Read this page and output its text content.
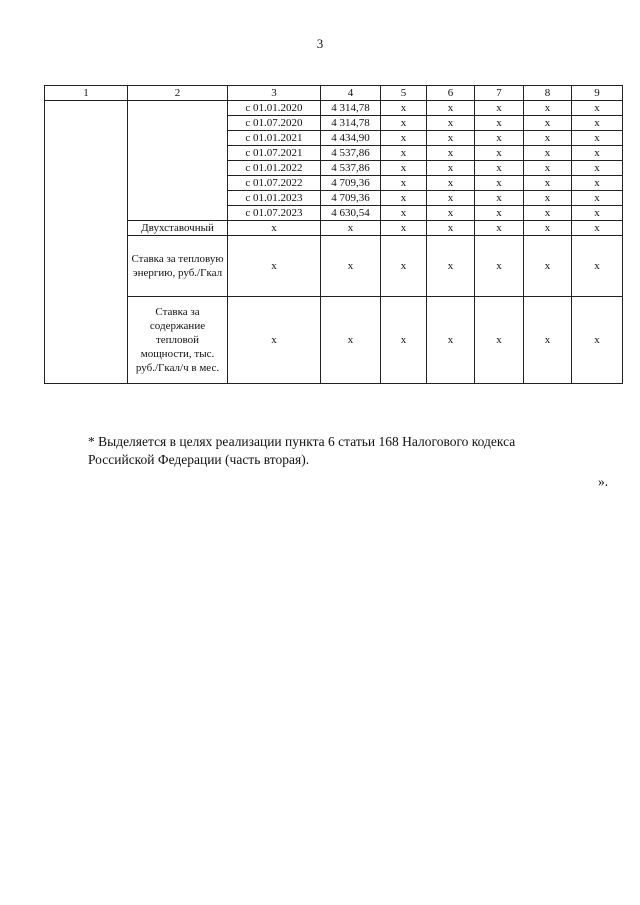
3
1	2	3	4	5	6	7	8	9
		с 01.01.2020	4 314,78	х	х	х	х	х
		с 01.07.2020	4 314,78	х	х	х	х	х
		с 01.01.2021	4 434,90	х	х	х	х	х
		с 01.07.2021	4 537,86	х	х	х	х	х
		с 01.01.2022	4 537,86	х	х	х	х	х
		с 01.07.2022	4 709,36	х	х	х	х	х
		с 01.01.2023	4 709,36	х	х	х	х	х
		с 01.07.2023	4 630,54	х	х	х	х	х
	Двухставочный	х	х	х	х	х	х	х
	Ставка за тепловую энергию, руб./Гкал	х	х	х	х	х	х	х
	Ставка за содержание тепловой мощности, тыс. руб./Гкал/ч в мес.	х	х	х	х	х	х	х
* Выделяется в целях реализации пункта 6 статьи 168 Налогового кодекса
Российской Федерации (часть вторая).
».
